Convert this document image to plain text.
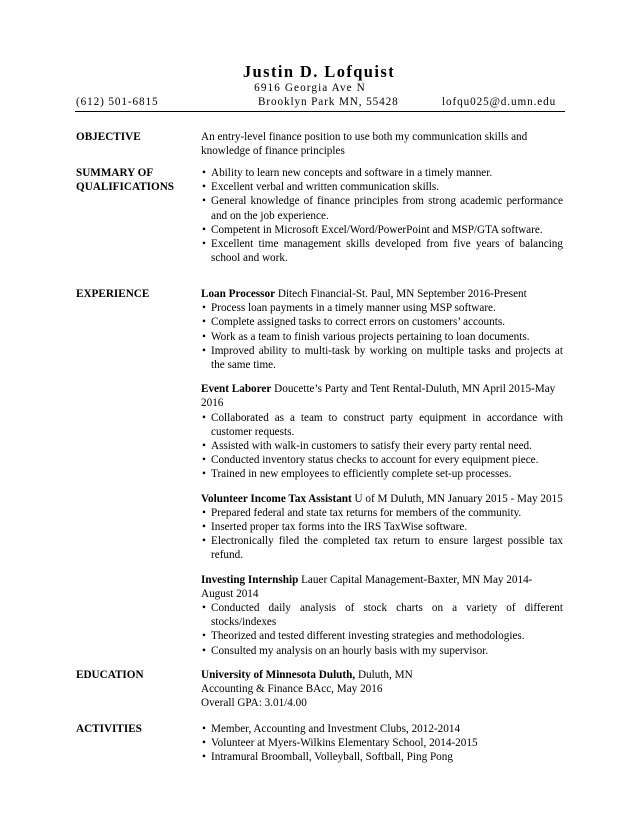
Justin D. Lofquist
6916 Georgia Ave N
(612) 501-6815	Brooklyn Park MN, 55428	lofqu025@d.umn.edu
OBJECTIVE	An entry-level finance position to use both my communication skills and knowledge of finance principles

SUMMARY OF
QUALIFICATIONS
• Ability to learn new concepts and software in a timely manner.
• Excellent verbal and written communication skills.
• General knowledge of finance principles from strong academic performance and on the job experience.
• Competent in Microsoft Excel/Word/PowerPoint and MSP/GTA software.
• Excellent time management skills developed from five years of balancing school and work.
EXPERIENCE	Loan Processor Ditech Financial-St. Paul, MN September 2016-Present

• Process loan payments in a timely manner using MSP software.
• Complete assigned tasks to correct errors on customers’ accounts.
• Work as a team to finish various projects pertaining to loan documents.
• Improved ability to multi-task by working on multiple tasks and projects at the same time.

Event Laborer Doucette’s Party and Tent Rental-Duluth, MN April 2015-May 2016

• Collaborated as a team to construct party equipment in accordance with customer requests.
• Assisted with walk-in customers to satisfy their every party rental need.
• Conducted inventory status checks to account for every equipment piece.
• Trained in new employees to efficiently complete set-up processes.

Volunteer Income Tax Assistant U of M Duluth, MN January 2015 - May 2015

• Prepared federal and state tax returns for members of the community.
• Inserted proper tax forms into the IRS TaxWise software.
• Electronically filed the completed tax return to ensure largest possible tax refund.

Investing Internship Lauer Capital Management-Baxter, MN May 2014-August 2014

• Conducted daily analysis of stock charts on a variety of different stocks/indexes
• Theorized and tested different investing strategies and methodologies.
• Consulted my analysis on an hourly basis with my supervisor.
EDUCATION	University of Minnesota Duluth, Duluth, MN

Accounting & Finance BAcc, May 2016

Overall GPA: 3.01/4.00

ACTIVITIES
•	Member, Accounting and Investment Clubs, 2012-2014
• Volunteer at Myers-Wilkins Elementary School, 2014-2015
• Intramural Broomball, Volleyball, Softball, Ping Pong
